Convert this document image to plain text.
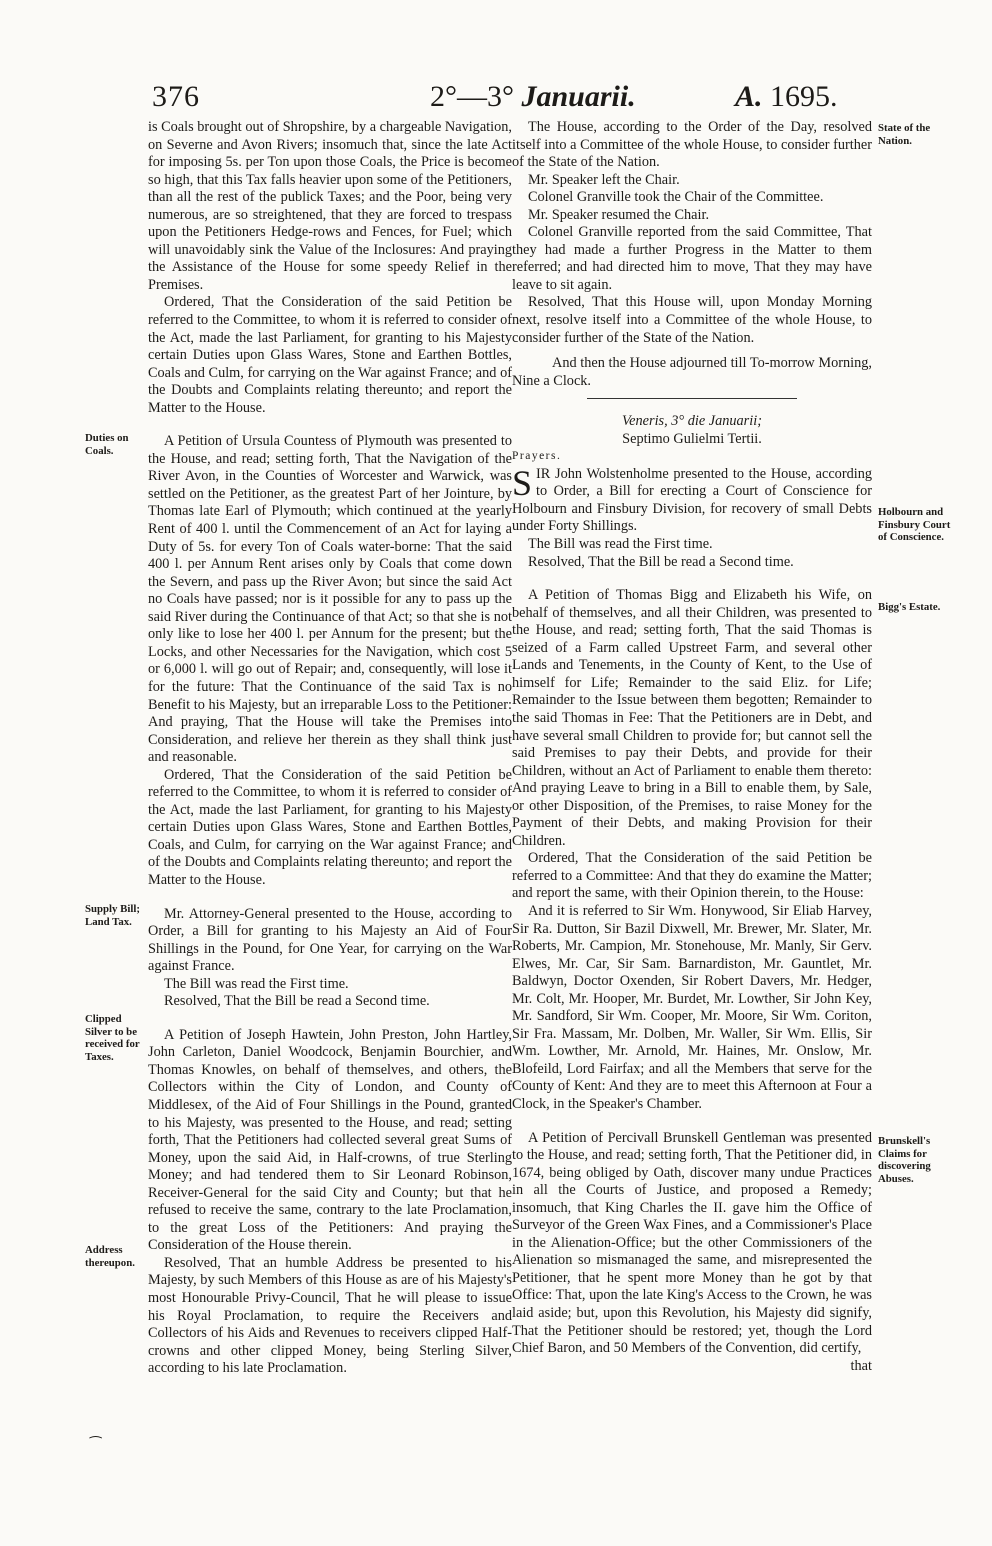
376	2°—3° Januarii.	A. 1695.
Duties on Coals.
Supply Bill; Land Tax.
Clipped Silver to be received for Taxes.
Address thereupon.
State of the Nation.
Holbourn and Finsbury Court of Conscience.
Bigg's Estate.
Brunskell's Claims for discovering Abuses.

is Coals brought out of Shropshire, by a chargeable Navigation, on Severne and Avon Rivers; insomuch that, since the late Act for imposing 5s. per Ton upon those Coals, the Price is become so high, that this Tax falls heavier upon some of the Petitioners, than all the rest of the publick Taxes; and the Poor, being very numerous, are so streightened, that they are forced to trespass upon the Petitioners Hedge-rows and Fences, for Fuel; which will unavoidably sink the Value of the Inclosures: And praying the Assistance of the House for some speedy Relief in the Premises.

Ordered, That the Consideration of the said Petition be referred to the Committee, to whom it is referred to consider of the Act, made the last Parliament, for granting to his Majesty certain Duties upon Glass Wares, Stone and Earthen Bottles, Coals and Culm, for carrying on the War against France; and of the Doubts and Complaints relating thereunto; and report the Matter to the House.

A Petition of Ursula Countess of Plymouth was presented to the House, and read; setting forth, That the Navigation of the River Avon, in the Counties of Worcester and Warwick, was settled on the Petitioner, as the greatest Part of her Jointure, by Thomas late Earl of Plymouth; which continued at the yearly Rent of 400 l. until the Commencement of an Act for laying a Duty of 5s. for every Ton of Coals water-borne: That the said 400 l. per Annum Rent arises only by Coals that come down the Severn, and pass up the River Avon; but since the said Act no Coals have passed; nor is it possible for any to pass up the said River during the Continuance of that Act; so that she is not only like to lose her 400 l. per Annum for the present; but the Locks, and other Necessaries for the Navigation, which cost 5 or 6,000 l. will go out of Repair; and, consequently, will lose it for the future: That the Continuance of the said Tax is no Benefit to his Majesty, but an irreparable Loss to the Petitioner: And praying, That the House will take the Premises into Consideration, and relieve her therein as they shall think just and reasonable.

Ordered, That the Consideration of the said Petition be referred to the Committee, to whom it is referred to consider of the Act, made the last Parliament, for granting to his Majesty certain Duties upon Glass Wares, Stone and Earthen Bottles, Coals, and Culm, for carrying on the War against France; and of the Doubts and Complaints relating thereunto; and report the Matter to the House.

Mr. Attorney-General presented to the House, according to Order, a Bill for granting to his Majesty an Aid of Four Shillings in the Pound, for One Year, for carrying on the War against France.

The Bill was read the First time.

Resolved, That the Bill be read a Second time.

A Petition of Joseph Hawtein, John Preston, John Hartley, John Carleton, Daniel Woodcock, Benjamin Bourchier, and Thomas Knowles, on behalf of themselves, and others, the Collectors within the City of London, and County of Middlesex, of the Aid of Four Shillings in the Pound, granted to his Majesty, was presented to the House, and read; setting forth, That the Petitioners had collected several great Sums of Money, upon the said Aid, in Half-crowns, of true Sterling Money; and had tendered them to Sir Leonard Robinson, Receiver-General for the said City and County; but that he refused to receive the same, contrary to the late Proclamation, to the great Loss of the Petitioners: And praying the Consideration of the House therein.

Resolved, That an humble Address be presented to his Majesty, by such Members of this House as are of his Majesty's most Honourable Privy-Council, That he will please to issue his Royal Proclamation, to require the Receivers and Collectors of his Aids and Revenues to receivers clipped Half-crowns and other clipped Money, being Sterling Silver, according to his late Proclamation.

The House, according to the Order of the Day, resolved itself into a Committee of the whole House, to consider further of the State of the Nation.

Mr. Speaker left the Chair.

Colonel Granville took the Chair of the Committee.

Mr. Speaker resumed the Chair.

Colonel Granville reported from the said Committee, That they had made a further Progress in the Matter to them referred; and had directed him to move, That they may have leave to sit again.

Resolved, That this House will, upon Monday Morning next, resolve itself into a Committee of the whole House, to consider further of the State of the Nation.

And then the House adjourned till To-morrow Morning, Nine a Clock.

Veneris, 3° die Januarii;

Septimo Gulielmi Tertii.

Prayers.

SIR John Wolstenholme presented to the House, according to Order, a Bill for erecting a Court of Conscience for Holbourn and Finsbury Division, for recovery of small Debts under Forty Shillings.

The Bill was read the First time.

Resolved, That the Bill be read a Second time.

A Petition of Thomas Bigg and Elizabeth his Wife, on behalf of themselves, and all their Children, was presented to the House, and read; setting forth, That the said Thomas is seized of a Farm called Upstreet Farm, and several other Lands and Tenements, in the County of Kent, to the Use of himself for Life; Remainder to the said Eliz. for Life; Remainder to the Issue between them begotten; Remainder to the said Thomas in Fee: That the Petitioners are in Debt, and have several small Children to provide for; but cannot sell the said Premises to pay their Debts, and provide for their Children, without an Act of Parliament to enable them thereto: And praying Leave to bring in a Bill to enable them, by Sale, or other Disposition, of the Premises, to raise Money for the Payment of their Debts, and making Provision for their Children.

Ordered, That the Consideration of the said Petition be referred to a Committee: And that they do examine the Matter; and report the same, with their Opinion therein, to the House:

And it is referred to Sir Wm. Honywood, Sir Eliab Harvey, Sir Ra. Dutton, Sir Bazil Dixwell, Mr. Brewer, Mr. Slater, Mr. Roberts, Mr. Campion, Mr. Stonehouse, Mr. Manly, Sir Gerv. Elwes, Mr. Car, Sir Sam. Barnardiston, Mr. Gauntlet, Mr. Baldwyn, Doctor Oxenden, Sir Robert Davers, Mr. Hedger, Mr. Colt, Mr. Hooper, Mr. Burdet, Mr. Lowther, Sir John Key, Mr. Sandford, Sir Wm. Cooper, Mr. Moore, Sir Wm. Coriton, Sir Fra. Massam, Mr. Dolben, Mr. Waller, Sir Wm. Ellis, Sir Wm. Lowther, Mr. Arnold, Mr. Haines, Mr. Onslow, Mr. Blofeild, Lord Fairfax; and all the Members that serve for the County of Kent: And they are to meet this Afternoon at Four a Clock, in the Speaker's Chamber.

A Petition of Percivall Brunskell Gentleman was presented to the House, and read; setting forth, That the Petitioner did, in 1674, being obliged by Oath, discover many undue Practices in all the Courts of Justice, and proposed a Remedy; insomuch, that King Charles the II. gave him the Office of Surveyor of the Green Wax Fines, and a Commissioner's Place in the Alienation-Office; but the other Commissioners of the Alienation so mismanaged the same, and misrepresented the Petitioner, that he spent more Money than he got by that Office: That, upon the late King's Access to the Crown, he was laid aside; but, upon this Revolution, his Majesty did signify, That the Petitioner should be restored; yet, though the Lord Chief Baron, and 50 Members of the Convention, did certify,

that

⁀
